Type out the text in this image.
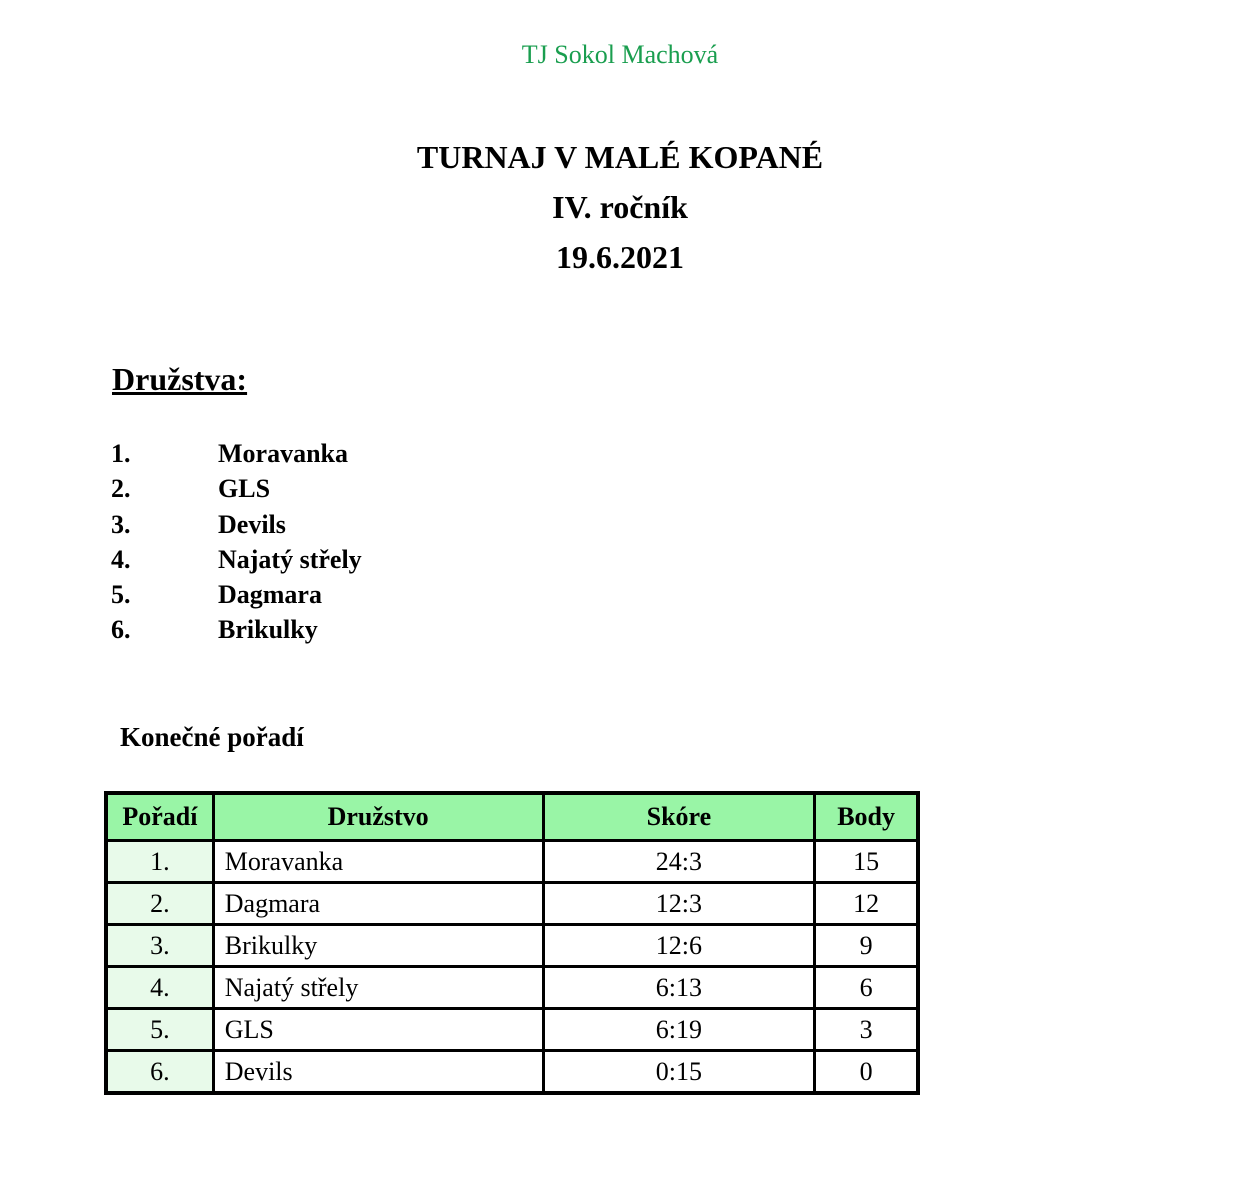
TJ Sokol Machová

TURNAJ V MALÉ KOPANÉ
IV. ročník
19.6.2021
Družstva:
1.	Moravanka
2.	GLS
3.	Devils
4.	Najatý střely
5.	Dagmara
6.	Brikulky
Konečné pořadí
Pořadí	Družstvo	Skóre	Body
1.	Moravanka	24:3	15
2.	Dagmara	12:3	12
3.	Brikulky	12:6	9
4.	Najatý střely	6:13	6
5.	GLS	6:19	3
6.	Devils	0:15	0
